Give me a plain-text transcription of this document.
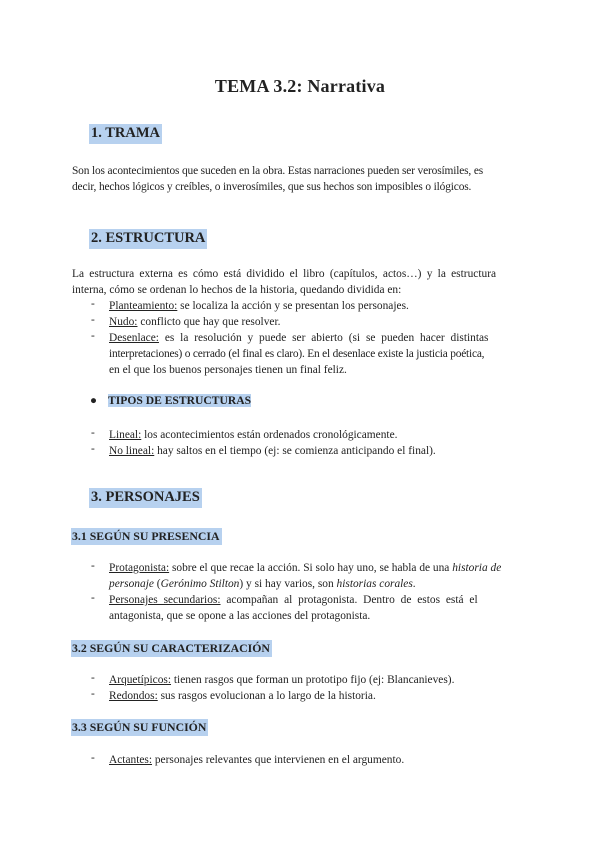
TEMA 3.2: Narrativa
1. TRAMA
Son los acontecimientos que suceden en la obra. Estas narraciones pueden ser verosímiles, es
decir, hechos lógicos y creíbles, o inverosímiles, que sus hechos son imposibles o ilógicos.
2. ESTRUCTURA
La estructura externa es cómo está dividido el libro (capítulos, actos…) y la estructura
interna, cómo se ordenan lo hechos de la historia, quedando dividida en:
- Planteamiento: se localiza la acción y se presentan los personajes.
- Nudo: conflicto que hay que resolver.
- Desenlace: es la resolución y puede ser abierto (si se pueden hacer distintas
interpretaciones) o cerrado (el final es claro). En el desenlace existe la justicia poética,
en el que los buenos personajes tienen un final feliz.
● TIPOS DE ESTRUCTURAS
- Lineal: los acontecimientos están ordenados cronológicamente.
- No lineal: hay saltos en el tiempo (ej: se comienza anticipando el final).
3. PERSONAJES
3.1 SEGÚN SU PRESENCIA
- Protagonista: sobre el que recae la acción. Si solo hay uno, se habla de una historia de
personaje (Gerónimo Stilton) y si hay varios, son historias corales.
- Personajes secundarios: acompañan al protagonista. Dentro de estos está el
antagonista, que se opone a las acciones del protagonista.
3.2 SEGÚN SU CARACTERIZACIÓN
- Arquetípicos: tienen rasgos que forman un prototipo fijo (ej: Blancanieves).
- Redondos: sus rasgos evolucionan a lo largo de la historia.
3.3 SEGÚN SU FUNCIÓN
- Actantes: personajes relevantes que intervienen en el argumento.
